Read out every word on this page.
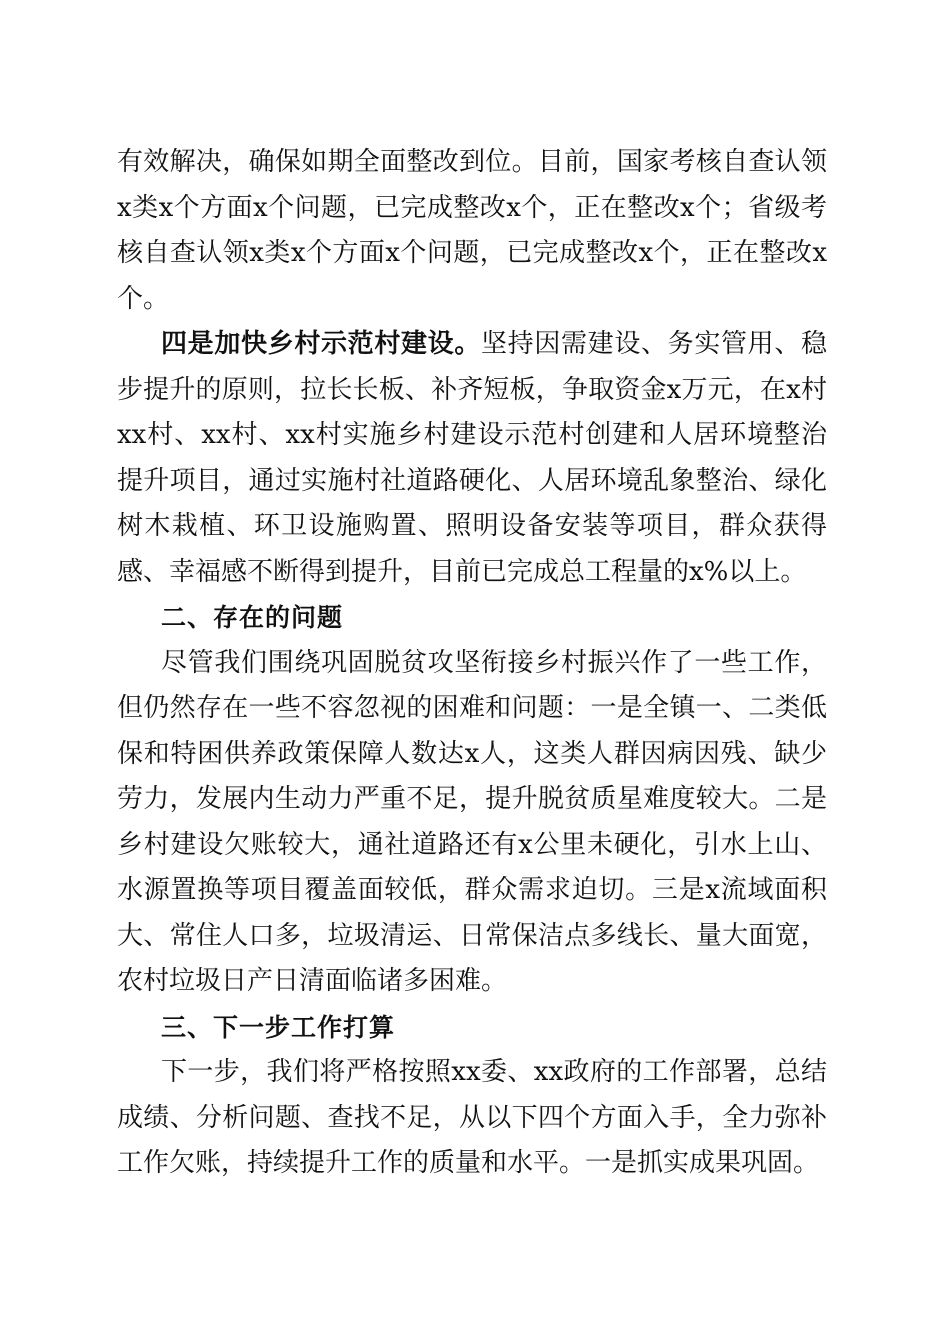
有效解决，确保如期全面整改到位。目前，国家考核自查认领x类x个方面x个问题，已完成整改x个，正在整改x个；省级考核自查认领x类x个方面x个问题，已完成整改x个，正在整改x个。

四是加快乡村示范村建设。坚持因需建设、务实管用、稳步提升的原则，拉长长板、补齐短板，争取资金x万元，在x村xx村、xx村、xx村实施乡村建设示范村创建和人居环境整治提升项目，通过实施村社道路硬化、人居环境乱象整治、绿化树木栽植、环卫设施购置、照明设备安装等项目，群众获得感、幸福感不断得到提升，目前已完成总工程量的x%以上。

二、存在的问题

尽管我们围绕巩固脱贫攻坚衔接乡村振兴作了一些工作，但仍然存在一些不容忽视的困难和问题：一是全镇一、二类低保和特困供养政策保障人数达x人，这类人群因病因残、缺少劳力，发展内生动力严重不足，提升脱贫质星难度较大。二是乡村建设欠账较大，通社道路还有x公里未硬化，引水上山、水源置换等项目覆盖面较低，群众需求迫切。三是x流域面积大、常住人口多，垃圾清运、日常保洁点多线长、量大面宽，农村垃圾日产日清面临诸多困难。

三、下一步工作打算

下一步，我们将严格按照xx委、xx政府的工作部署，总结成绩、分析问题、查找不足，从以下四个方面入手，全力弥补工作欠账，持续提升工作的质量和水平。一是抓实成果巩固。
